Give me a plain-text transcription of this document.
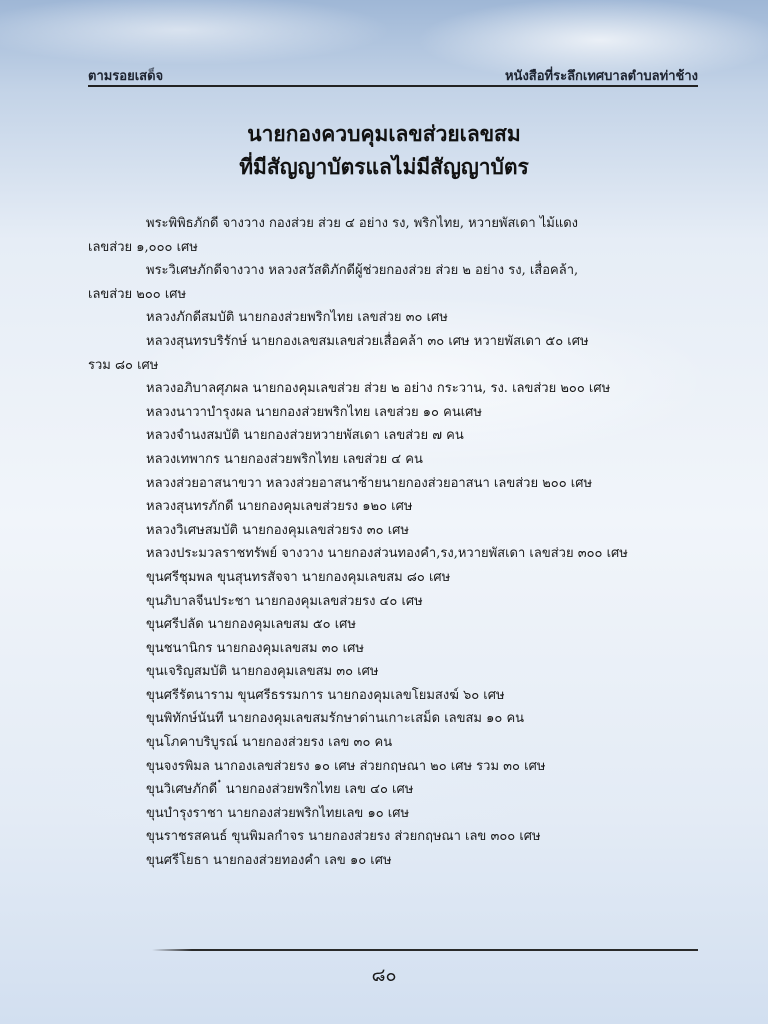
ตามรอยเสด็จ	หนังสือที่ระลึกเทศบาลตำบลท่าช้าง
นายกองควบคุมเลขส่วยเลขสม
ที่มีสัญญาบัตรแลไม่มีสัญญาบัตร
พระพิพิธภักดี จางวาง กองส่วย ส่วย ๔ อย่าง รง, พริกไทย, หวายพัสเดา ไม้แดง
เลขส่วย ๑,๐๐๐ เศษ
พระวิเศษภักดีจางวาง หลวงสวัสดิภักดีผู้ช่วยกองส่วย ส่วย ๒ อย่าง รง, เสื่อคล้า,
เลขส่วย ๒๐๐ เศษ
หลวงภักดีสมบัติ นายกองส่วยพริกไทย เลขส่วย ๓๐ เศษ
หลวงสุนทรบริรักษ์ นายกองเลขสมเลขส่วยเสื่อคล้า ๓๐ เศษ หวายพัสเดา ๕๐ เศษ
รวม ๘๐ เศษ
หลวงอภิบาลศุภผล นายกองคุมเลขส่วย ส่วย ๒ อย่าง กระวาน, รง. เลขส่วย ๒๐๐ เศษ
หลวงนาวาบำรุงผล นายกองส่วยพริกไทย เลขส่วย ๑๐ คนเศษ
หลวงจำนงสมบัติ นายกองส่วยหวายพัสเดา เลขส่วย ๗ คน
หลวงเทพากร นายกองส่วยพริกไทย เลขส่วย ๔ คน
หลวงส่วยอาสนาขวา หลวงส่วยอาสนาซ้ายนายกองส่วยอาสนา เลขส่วย ๒๐๐ เศษ
หลวงสุนทรภักดี นายกองคุมเลขส่วยรง ๑๒๐ เศษ
หลวงวิเศษสมบัติ นายกองคุมเลขส่วยรง ๓๐ เศษ
หลวงประมวลราชทรัพย์ จางวาง นายกองส่วนทองคำ,รง,หวายพัสเดา เลขส่วย ๓๐๐ เศษ
ขุนศรีชุมพล ขุนสุนทรสัจจา นายกองคุมเลขสม ๘๐ เศษ
ขุนภิบาลจีนประชา นายกองคุมเลขส่วยรง ๔๐ เศษ
ขุนศรีปลัด นายกองคุมเลขสม ๕๐ เศษ
ขุนชนานิกร นายกองคุมเลขสม ๓๐ เศษ
ขุนเจริญสมบัติ นายกองคุมเลขสม ๓๐ เศษ
ขุนศรีรัตนาราม ขุนศรีธรรมการ นายกองคุมเลขโยมสงฆ์ ๖๐ เศษ
ขุนพิทักษ์นันที นายกองคุมเลขสมรักษาด่านเกาะเสม็ด เลขสม ๑๐ คน
ขุนโภคาบริบูรณ์ นายกองส่วยรง เลข ๓๐ คน
ขุนจงรพิมล นากองเลขส่วยรง ๑๐ เศษ ส่วยกฤษณา ๒๐ เศษ รวม ๓๐ เศษ
ขุนวิเศษภักดี ๋ นายกองส่วยพริกไทย เลข ๔๐ เศษ
ขุนบำรุงราชา นายกองส่วยพริกไทยเลข ๑๐ เศษ
ขุนราชรสคนธ์ ขุนพิมลกำจร นายกองส่วยรง ส่วยกฤษณา เลข ๓๐๐ เศษ
ขุนศรีโยธา นายกองส่วยทองคำ เลข ๑๐ เศษ
๘๐
